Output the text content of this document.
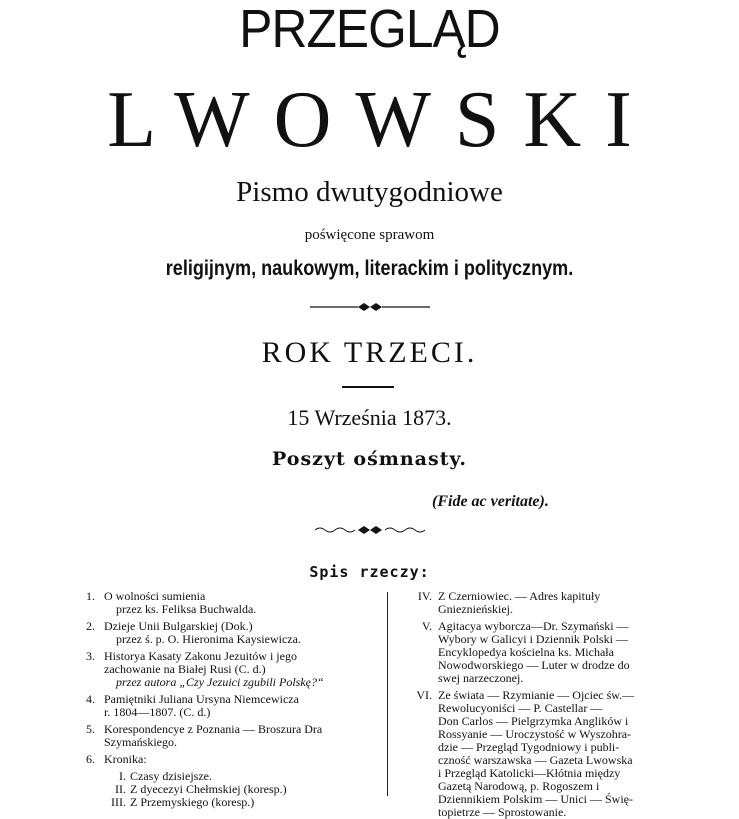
PRZEGLĄD
LWOWSKI
Pismo dwutygodniowe
poświęcone sprawom
religijnym, naukowym, literackim i politycznym.
ROK TRZECI.
15 Września 1873.
Poszyt ośmnasty.
(Fide ac veritate).
Spis rzeczy:
1. O wolności sumienia
przez ks. Feliksa Buchwalda.
2. Dzieje Unii Bulgarskiej (Dok.)
przez ś. p. O. Hieronima Kaysiewicza.
3. Historya Kasaty Zakonu Jezuitów i jego
zachowanie na Białej Rusi (C. d.)
przez autora „Czy Jezuici zgubili Polskę?“
4. Pamiętniki Juliana Ursyna Niemcewicza
r. 1804—1807. (C. d.)
5. Korespondencye z Poznania — Broszura Dra
Szymańskiego.
6. Kronika:
I. Czasy dzisiejsze.
II. Z dyecezyi Chełmskiej (koresp.)
III. Z Przemyskiego (koresp.)
IV. Z Czerniowiec. — Adres kapituły
Gnieznieńskiej.
V. Agitacya wyborcza—Dr. Szymański —
Wybory w Galicyi i Dziennik Polski —
Encyklopedya kościelna ks. Michała
Nowodworskiego — Luter w drodze do
swej narzeczonej.
VI. Ze świata — Rzymianie — Ojciec św.—
Rewolucyoniści — P. Castellar —
Don Carlos — Pielgrzymka Anglików i
Rossyanie — Uroczystość w Wyszohra-
dzie — Przegląd Tygodniowy i publi-
czność warszawska — Gazeta Lwowska
i Przegląd Katolicki—Kłótnia między
Gazetą Narodową, p. Rogoszem i
Dziennikiem Polskim — Unici — Świę-
topietrze — Sprostowanie.
